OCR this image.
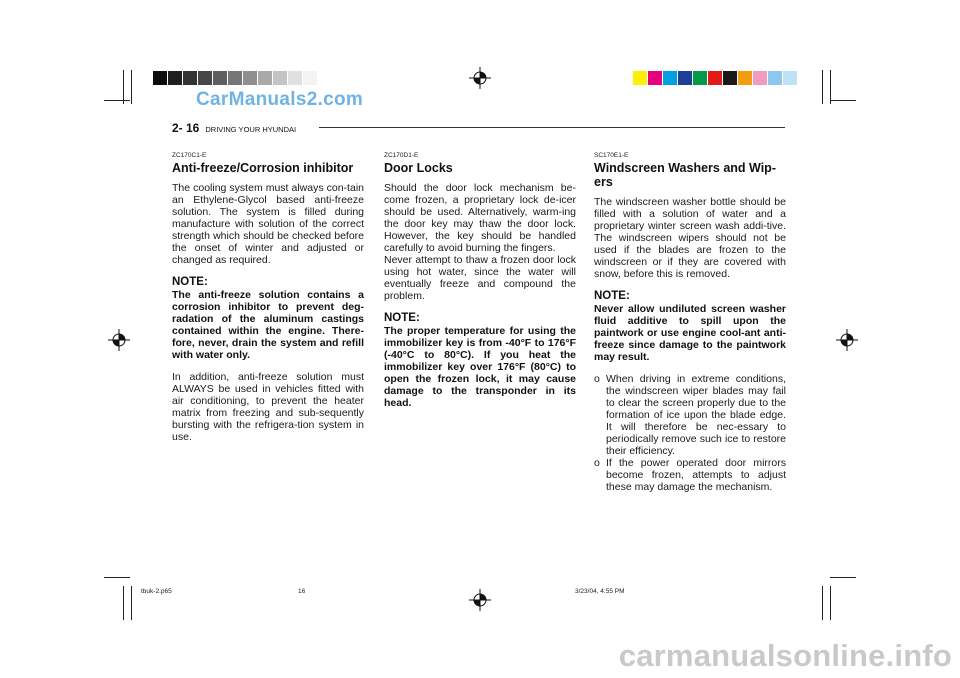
CarManuals2.com
2- 16 DRIVING YOUR HYUNDAI
ZC170C1-E
Anti-freeze/Corrosion inhibitor

The cooling system must always con-tain an Ethylene-Glycol based anti-freeze solution. The system is filled during manufacture with solution of the correct strength which should be checked before the onset of winter and adjusted or changed as required.

NOTE:

The anti-freeze solution contains a corrosion inhibitor to prevent deg-radation of the aluminum castings contained within the engine. There-fore, never, drain the system and refill with water only.

In addition, anti-freeze solution must ALWAYS be used in vehicles fitted with air conditioning, to prevent the heater matrix from freezing and sub-sequently bursting with the refrigera-tion system in use.

ZC170D1-E
Door Locks

Should the door lock mechanism be-come frozen, a proprietary lock de-icer should be used. Alternatively, warm-ing the door key may thaw the door lock. However, the key should be handled carefully to avoid burning the fingers.

Never attempt to thaw a frozen door lock using hot water, since the water will eventually freeze and compound the problem.

NOTE:

The proper temperature for using the immobilizer key is from -40°F to 176°F (-40°C to 80°C). If you heat the immobilizer key over 176°F (80°C) to open the frozen lock, it may cause damage to the transponder in its head.

SC170E1-E
Windscreen Washers and Wip-ers

The windscreen washer bottle should be filled with a solution of water and a proprietary winter screen wash addi-tive. The windscreen wipers should not be used if the blades are frozen to the windscreen or if they are covered with snow, before this is removed.

NOTE:

Never allow undiluted screen washer fluid additive to spill upon the paintwork or use engine cool-ant anti-freeze since damage to the paintwork may result.

o When driving in extreme conditions, the windscreen wiper blades may fail to clear the screen properly due to the formation of ice upon the blade edge. It will therefore be nec-essary to periodically remove such ice to restore their efficiency.
o If the power operated door mirrors become frozen, attempts to adjust these may damage the mechanism.
tbuk-2.p65	16	3/23/04, 4:55 PM
carmanualsonline.info
